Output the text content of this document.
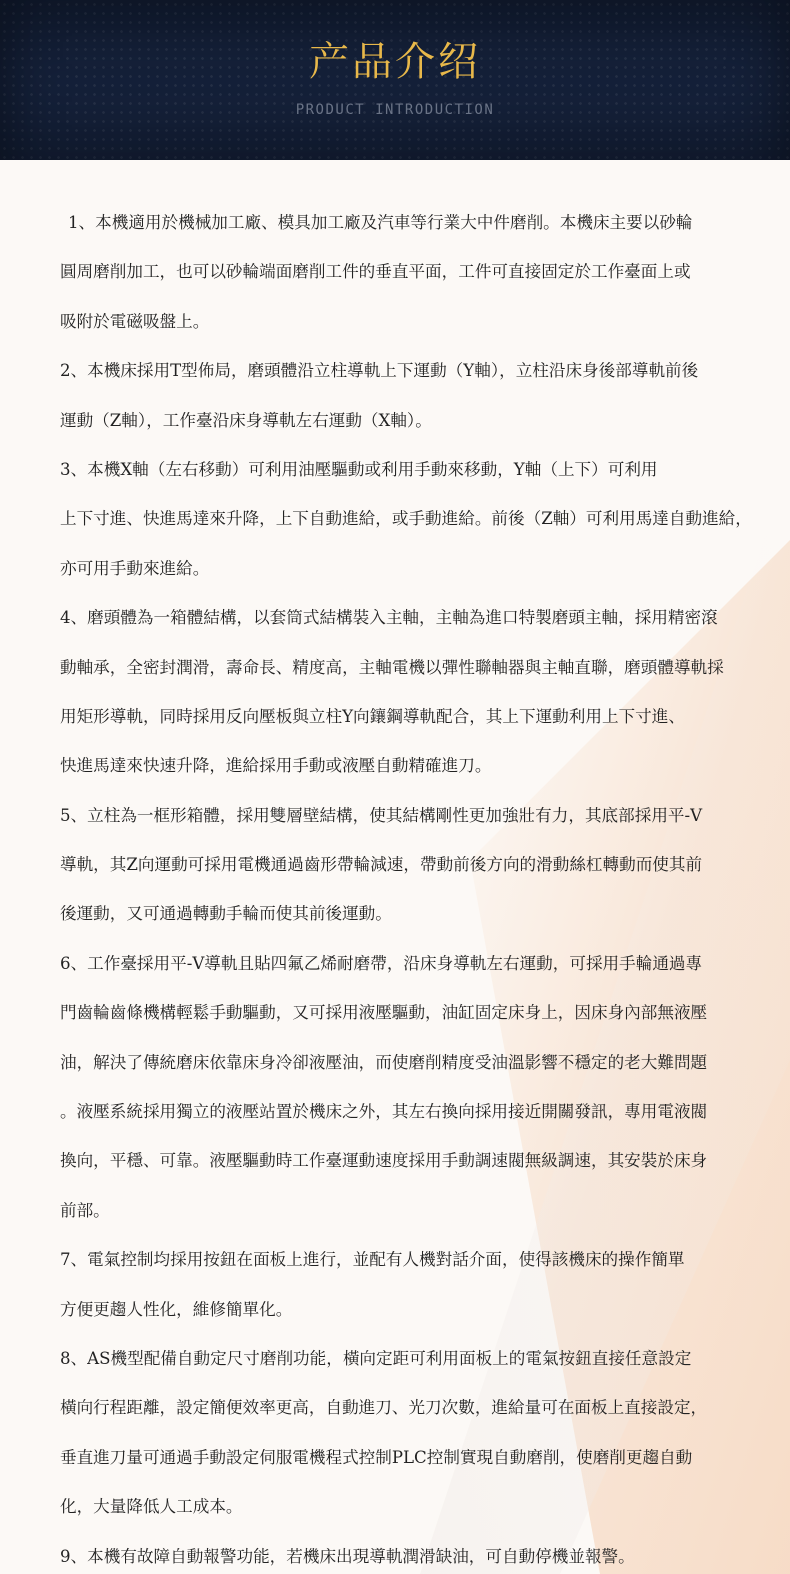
产品介绍
PRODUCT INTRODUCTION
1、本機適用於機械加工廠、模具加工廠及汽車等行業大中件磨削。本機床主要以砂輪
圓周磨削加工，也可以砂輪端面磨削工件的垂直平面，工件可直接固定於工作臺面上或
吸附於電磁吸盤上。
2、本機床採用T型佈局，磨頭體沿立柱導軌上下運動（Y軸），立柱沿床身後部導軌前後
運動（Z軸），工作臺沿床身導軌左右運動（X軸）。
3、本機X軸（左右移動）可利用油壓驅動或利用手動來移動，Y軸（上下）可利用
上下寸進、快進馬達來升降，上下自動進給，或手動進給。前後（Z軸）可利用馬達自動進給，
亦可用手動來進給。
4、磨頭體為一箱體結構，以套筒式結構裝入主軸，主軸為進口特製磨頭主軸，採用精密滾
動軸承，全密封潤滑，壽命長、精度高，主軸電機以彈性聯軸器與主軸直聯，磨頭體導軌採
用矩形導軌，同時採用反向壓板與立柱Y向鑲鋼導軌配合，其上下運動利用上下寸進、
快進馬達來快速升降，進給採用手動或液壓自動精確進刀。
5、立柱為一框形箱體，採用雙層壁結構，使其結構剛性更加強壯有力，其底部採用平-V
導軌，其Z向運動可採用電機通過齒形帶輪減速，帶動前後方向的滑動絲杠轉動而使其前
後運動，又可通過轉動手輪而使其前後運動。
6、工作臺採用平-V導軌且貼四氟乙烯耐磨帶，沿床身導軌左右運動，可採用手輪通過專
門齒輪齒條機構輕鬆手動驅動，又可採用液壓驅動，油缸固定床身上，因床身內部無液壓
油，解決了傳統磨床依靠床身冷卻液壓油，而使磨削精度受油溫影響不穩定的老大難問題
。液壓系統採用獨立的液壓站置於機床之外，其左右換向採用接近開關發訊，專用電液閥
換向，平穩、可靠。液壓驅動時工作臺運動速度採用手動調速閥無級調速，其安裝於床身
前部。
7、電氣控制均採用按鈕在面板上進行，並配有人機對話介面，使得該機床的操作簡單
方便更趨人性化，維修簡單化。
8、AS機型配備自動定尺寸磨削功能，橫向定距可利用面板上的電氣按鈕直接任意設定
橫向行程距離，設定簡便效率更高，自動進刀、光刀次數，進給量可在面板上直接設定，
垂直進刀量可通過手動設定伺服電機程式控制PLC控制實現自動磨削，使磨削更趨自動
化，大量降低人工成本。
9、本機有故障自動報警功能，若機床出現導軌潤滑缺油，可自動停機並報警。
